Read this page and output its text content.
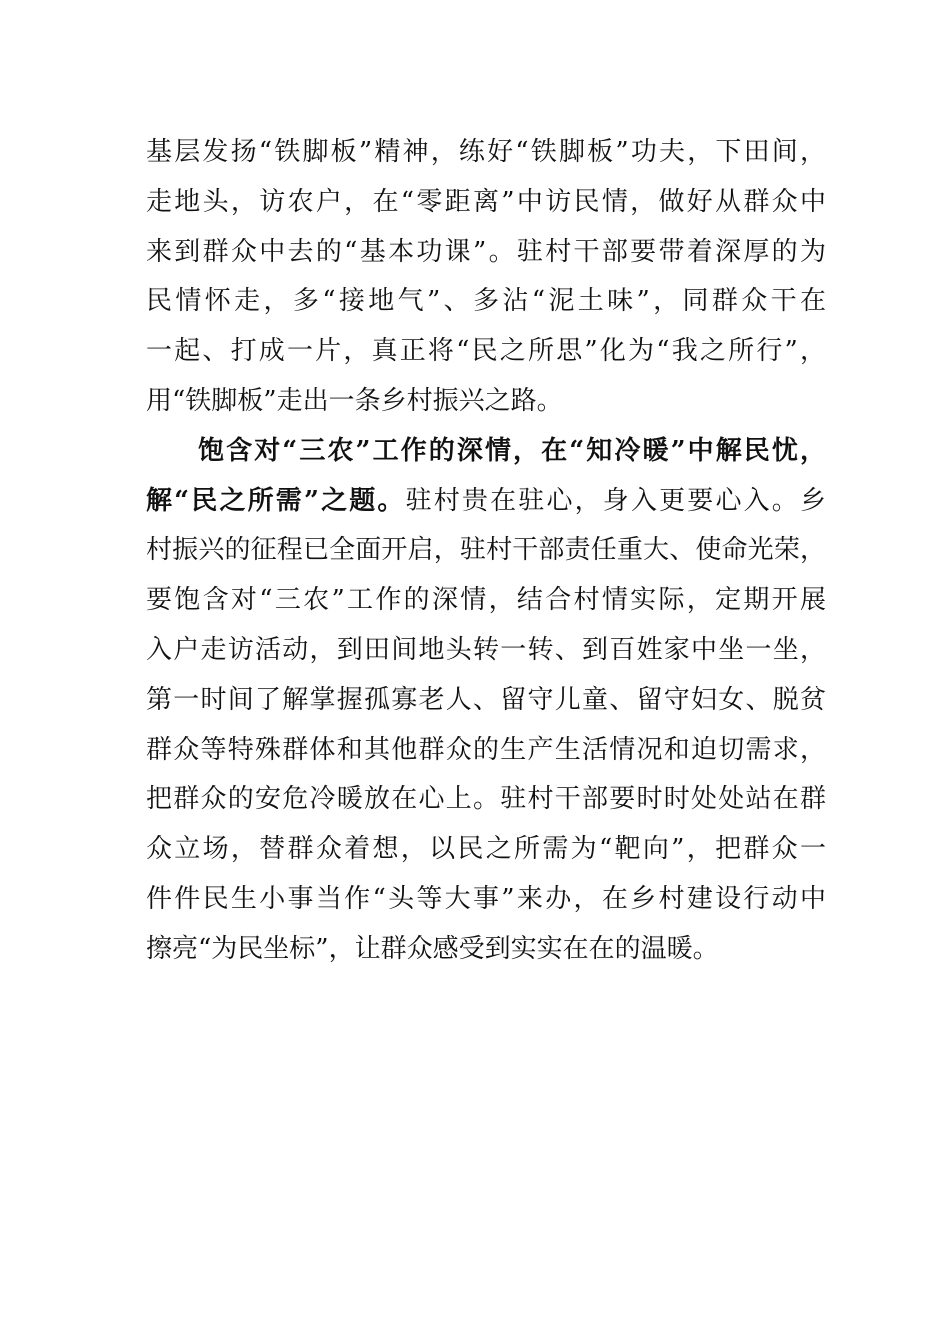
基层发扬“铁脚板”精神，练好“铁脚板”功夫，下田间，
走地头，访农户，在“零距离”中访民情，做好从群众中
来到群众中去的“基本功课”。驻村干部要带着深厚的为
民情怀走，多“接地气”、多沾“泥土味”，同群众干在
一起、打成一片，真正将“民之所思”化为“我之所行”，
用“铁脚板”走出一条乡村振兴之路。
饱含对“三农”工作的深情，在“知冷暖”中解民忧，
解“民之所需”之题。驻村贵在驻心，身入更要心入。乡
村振兴的征程已全面开启，驻村干部责任重大、使命光荣，
要饱含对“三农”工作的深情，结合村情实际，定期开展
入户走访活动，到田间地头转一转、到百姓家中坐一坐，
第一时间了解掌握孤寡老人、留守儿童、留守妇女、脱贫
群众等特殊群体和其他群众的生产生活情况和迫切需求，
把群众的安危冷暖放在心上。驻村干部要时时处处站在群
众立场，替群众着想，以民之所需为“靶向”，把群众一
件件民生小事当作“头等大事”来办，在乡村建设行动中
擦亮“为民坐标”，让群众感受到实实在在的温暖。
